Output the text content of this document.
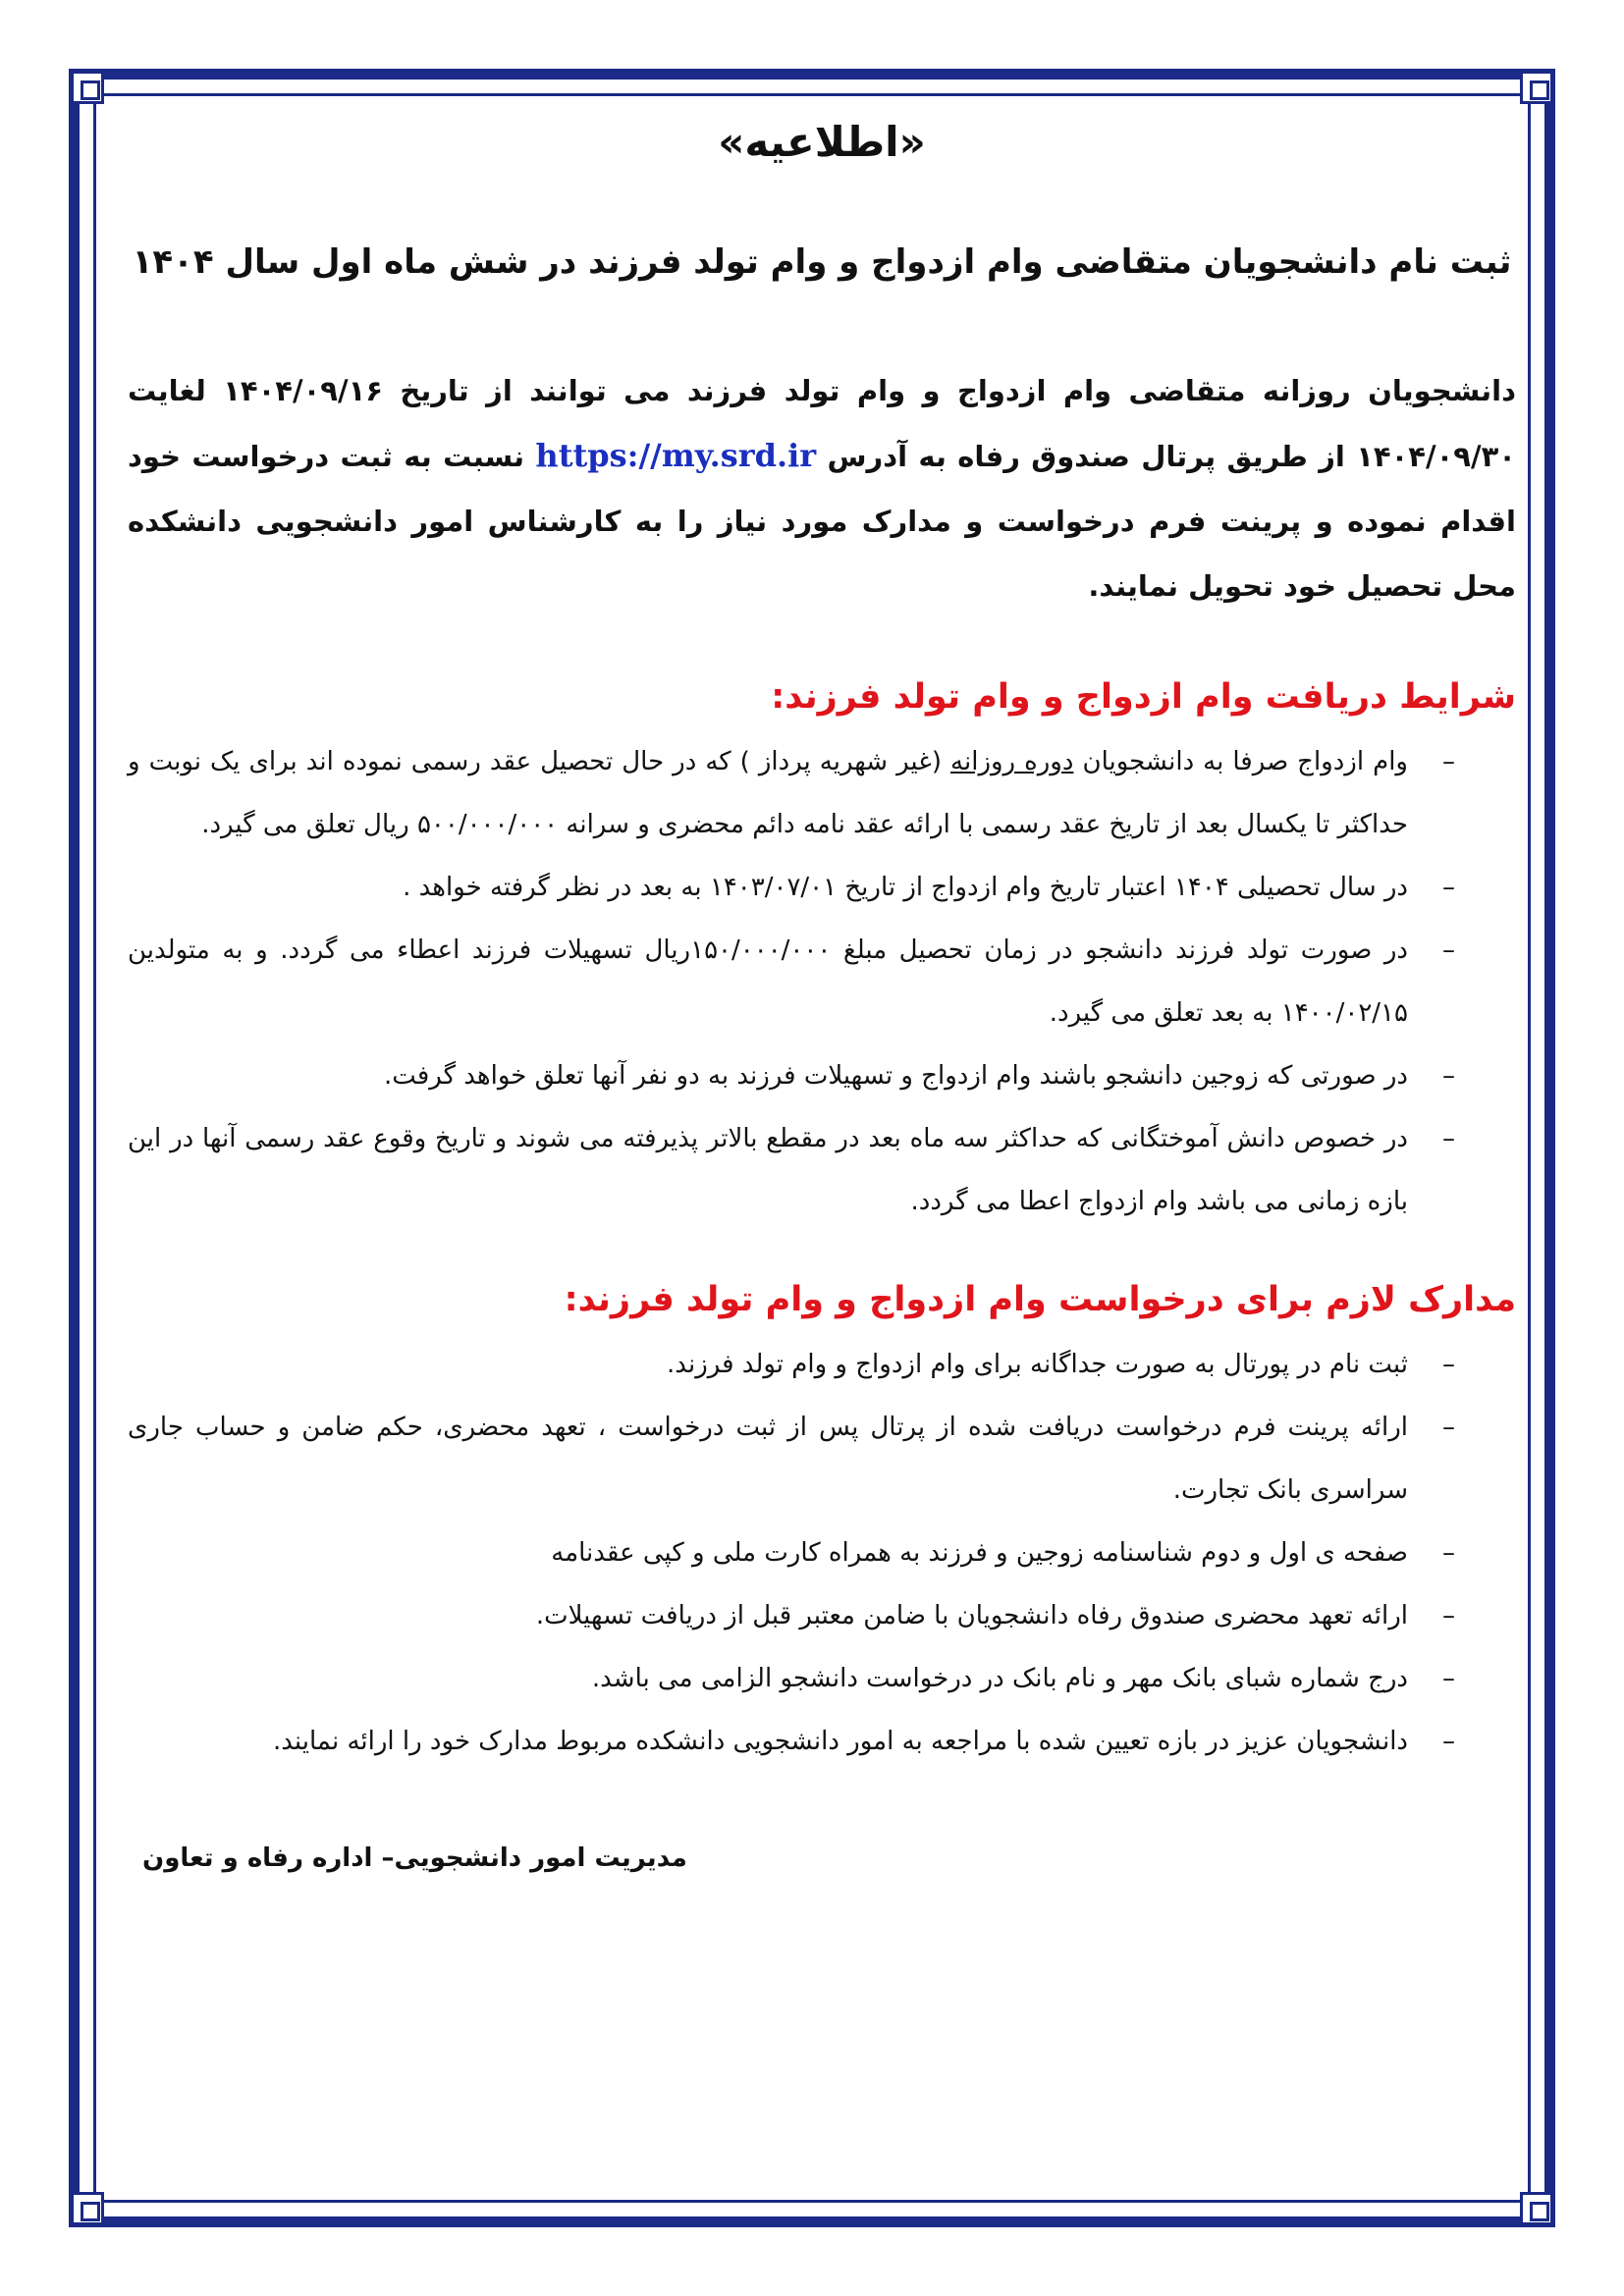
«اطلاعیه»
ثبت نام دانشجویان متقاضی وام ازدواج و وام تولد فرزند در شش ماه اول سال ۱۴۰۴

دانشجویان روزانه متقاضی وام ازدواج و وام تولد فرزند می توانند از تاریخ ۱۴۰۴/۰۹/۱۶ لغایت ۱۴۰۴/۰۹/۳۰ از طریق پرتال صندوق رفاه به آدرس https://my.srd.ir نسبت به ثبت درخواست خود اقدام نموده و پرینت فرم درخواست و مدارک مورد نیاز را به کارشناس امور دانشجویی دانشکده محل تحصیل خود تحویل نمایند.

شرایط دریافت وام ازدواج و وام تولد فرزند:
– وام ازدواج صرفا به دانشجویان دوره روزانه (غیر شهریه پرداز ) که در حال تحصیل عقد رسمی نموده اند برای یک نوبت و حداکثر تا یکسال بعد از تاریخ عقد رسمی با ارائه عقد نامه دائم محضری و سرانه ۵۰۰/۰۰۰/۰۰۰ ریال تعلق می گیرد.
– در سال تحصیلی ۱۴۰۴ اعتبار تاریخ وام ازدواج از تاریخ ۱۴۰۳/۰۷/۰۱ به بعد در نظر گرفته خواهد .
– در صورت تولد فرزند دانشجو در زمان تحصیل مبلغ ۱۵۰/۰۰۰/۰۰۰ریال تسهیلات فرزند اعطاء می گردد. و به متولدین ۱۴۰۰/۰۲/۱۵ به بعد تعلق می گیرد.
– در صورتی که زوجین دانشجو باشند وام ازدواج و تسهیلات فرزند به دو نفر آنها تعلق خواهد گرفت.
– در خصوص دانش آموختگانی که حداکثر سه ماه بعد در مقطع بالاتر پذیرفته می شوند و تاریخ وقوع عقد رسمی آنها در این بازه زمانی می باشد وام ازدواج اعطا می گردد.
مدارک لازم برای درخواست وام ازدواج و وام تولد فرزند:
– ثبت نام در پورتال به صورت جداگانه برای وام ازدواج و وام تولد فرزند.
– ارائه پرینت فرم درخواست دریافت شده از پرتال پس از ثبت درخواست ، تعهد محضری، حکم ضامن و حساب جاری سراسری بانک تجارت.
– صفحه ی اول و دوم شناسنامه زوجین و فرزند به همراه کارت ملی و کپی عقدنامه
– ارائه تعهد محضری صندوق رفاه دانشجویان با ضامن معتبر قبل از دریافت تسهیلات.
– درج شماره شبای بانک مهر و نام بانک در درخواست دانشجو الزامی می باشد.
– دانشجویان عزیز در بازه تعیین شده با مراجعه به امور دانشجویی دانشکده مربوط مدارک خود را ارائه نمایند.
مدیریت امور دانشجویی– اداره رفاه و تعاون
